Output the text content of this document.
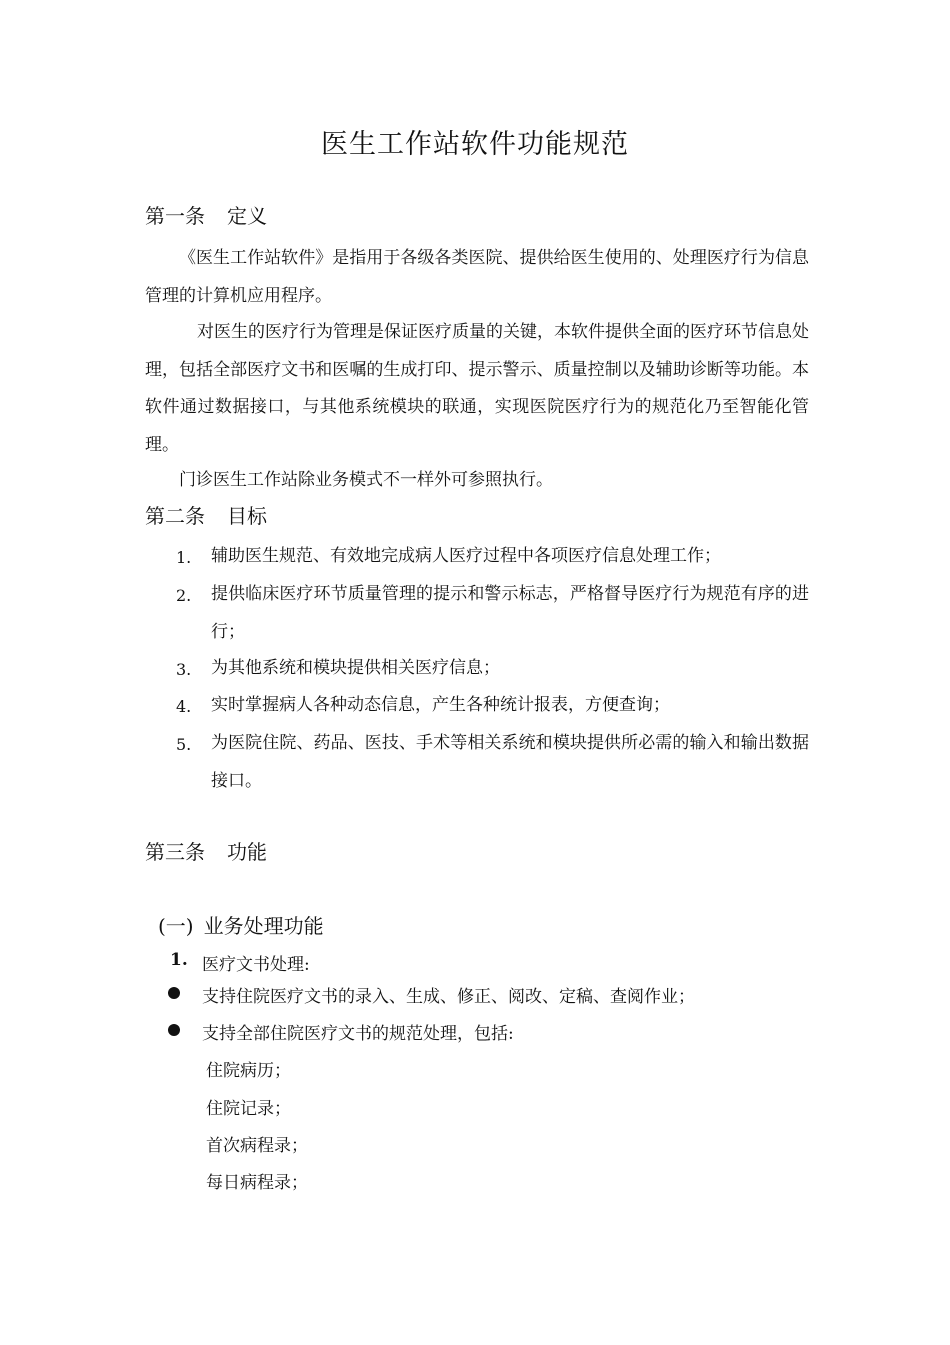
医生工作站软件功能规范
第一条 定义
《医生工作站软件》是指用于各级各类医院、提供给医生使用的、处理医疗行为信息管理的计算机应用程序。
对医生的医疗行为管理是保证医疗质量的关键，本软件提供全面的医疗环节信息处理，包括全部医疗文书和医嘱的生成打印、提示警示、质量控制以及辅助诊断等功能。本软件通过数据接口，与其他系统模块的联通，实现医院医疗行为的规范化乃至智能化管理。
门诊医生工作站除业务模式不一样外可参照执行。
第二条 目标
1. 辅助医生规范、有效地完成病人医疗过程中各项医疗信息处理工作；
2. 提供临床医疗环节质量管理的提示和警示标志，严格督导医疗行为规范有序的进行；
3. 为其他系统和模块提供相关医疗信息；
4. 实时掌握病人各种动态信息，产生各种统计报表，方便查询；
5. 为医院住院、药品、医技、手术等相关系统和模块提供所必需的输入和输出数据接口。
第三条 功能
(一) 业务处理功能
1. 医疗文书处理:
支持住院医疗文书的录入、生成、修正、阅改、定稿、查阅作业；
支持全部住院医疗文书的规范处理，包括:
住院病历；
住院记录；
首次病程录；
每日病程录；
